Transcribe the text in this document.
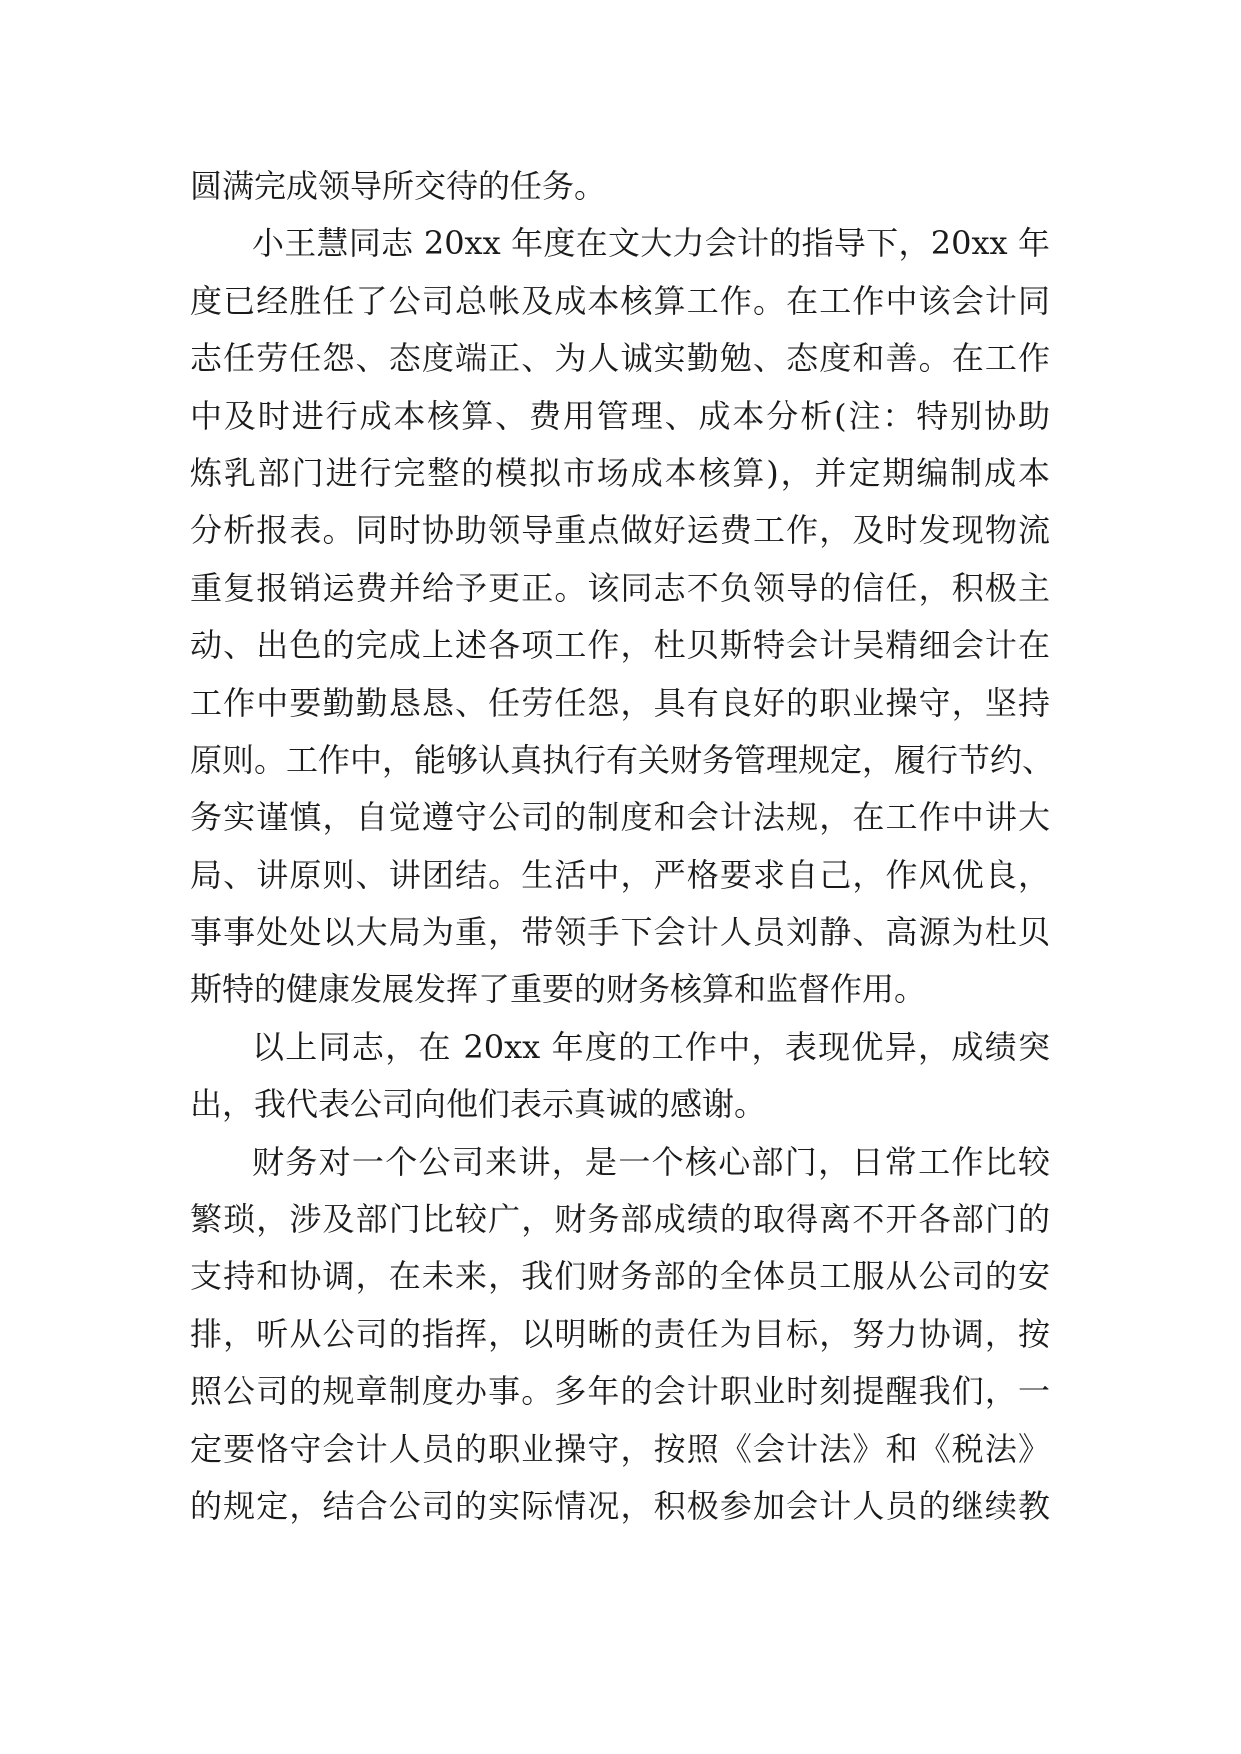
圆满完成领导所交待的任务。
小王慧同志 20xx 年度在文大力会计的指导下，20xx 年
度已经胜任了公司总帐及成本核算工作。在工作中该会计同
志任劳任怨、态度端正、为人诚实勤勉、态度和善。在工作
中及时进行成本核算、费用管理、成本分析(注：特别协助
炼乳部门进行完整的模拟市场成本核算)，并定期编制成本
分析报表。同时协助领导重点做好运费工作，及时发现物流
重复报销运费并给予更正。该同志不负领导的信任，积极主
动、出色的完成上述各项工作，杜贝斯特会计吴精细会计在
工作中要勤勤恳恳、任劳任怨，具有良好的职业操守，坚持
原则。工作中，能够认真执行有关财务管理规定，履行节约、
务实谨慎，自觉遵守公司的制度和会计法规，在工作中讲大
局、讲原则、讲团结。生活中，严格要求自己，作风优良，
事事处处以大局为重，带领手下会计人员刘静、高源为杜贝
斯特的健康发展发挥了重要的财务核算和监督作用。
以上同志，在 20xx 年度的工作中，表现优异，成绩突
出，我代表公司向他们表示真诚的感谢。
财务对一个公司来讲，是一个核心部门，日常工作比较
繁琐，涉及部门比较广，财务部成绩的取得离不开各部门的
支持和协调，在未来，我们财务部的全体员工服从公司的安
排，听从公司的指挥，以明晰的责任为目标，努力协调，按
照公司的规章制度办事。多年的会计职业时刻提醒我们，一
定要恪守会计人员的职业操守，按照《会计法》和《税法》
的规定，结合公司的实际情况，积极参加会计人员的继续教
